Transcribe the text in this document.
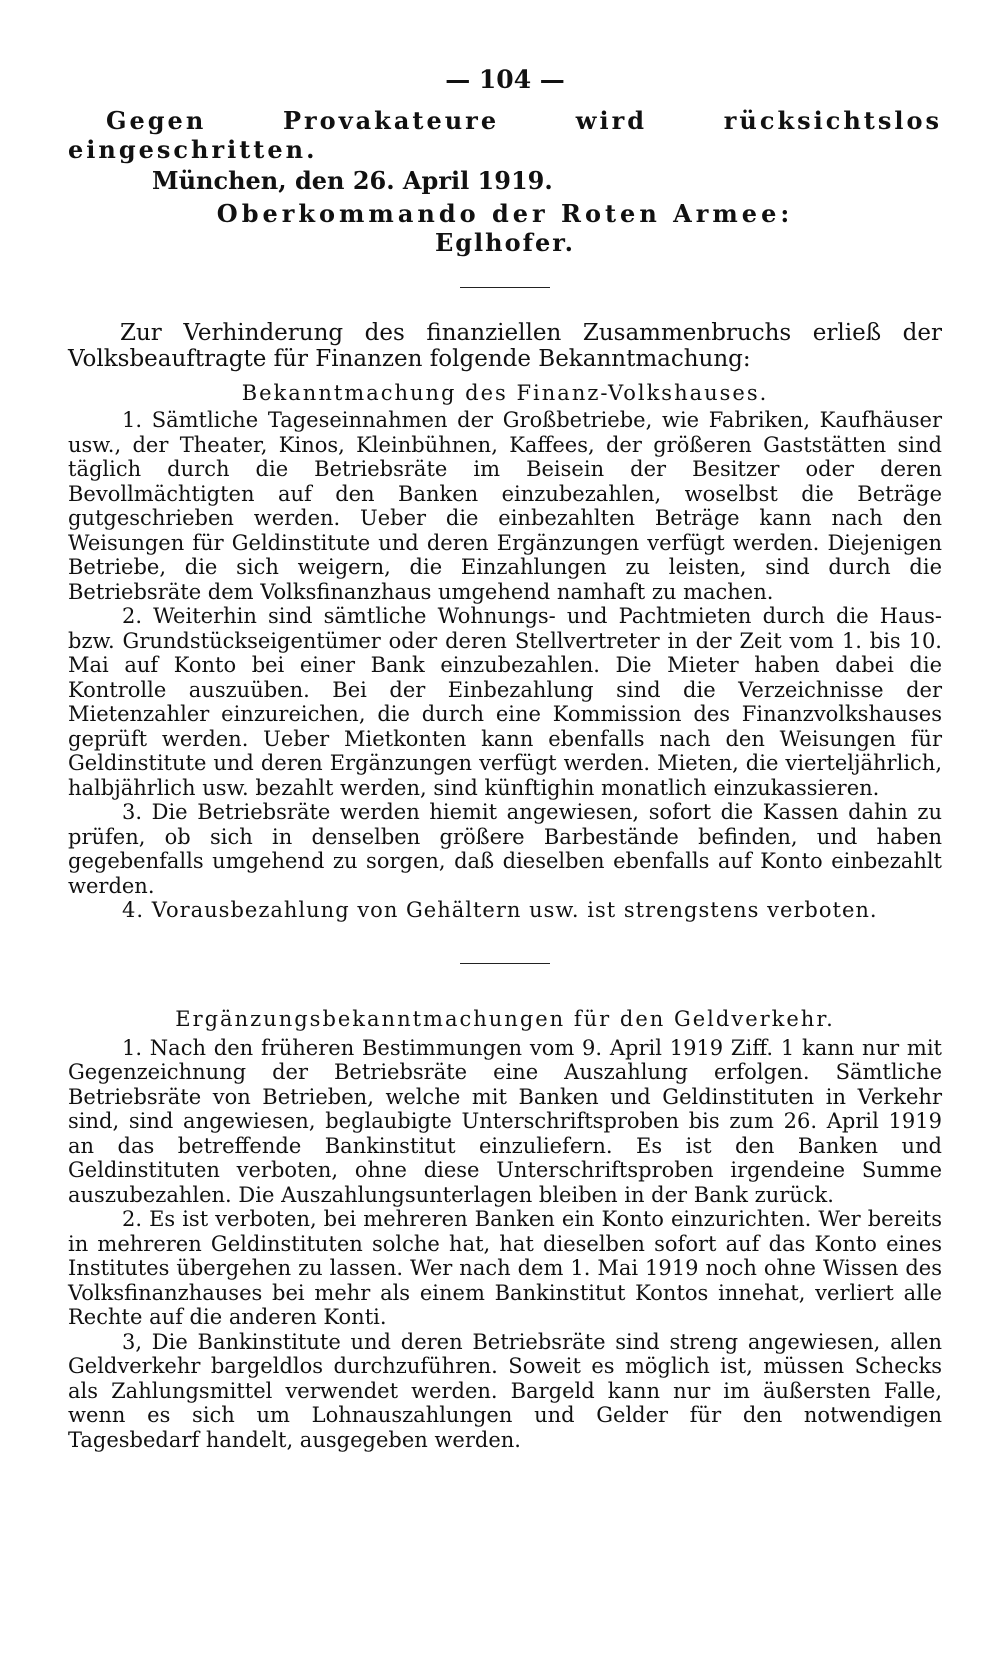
— 104 —

Gegen Provakateure wird rücksichtslos eingeschritten.

München, den 26. April 1919.

Oberkommando der Roten Armee:

Eglhofer.

Zur Verhinderung des finanziellen Zusammenbruchs erließ der Volksbeauftragte für Finanzen folgende Bekanntmachung:

Bekanntmachung des Finanz-Volkshauses.

1. Sämtliche Tageseinnahmen der Großbetriebe, wie Fabriken, Kaufhäuser usw., der Theater, Kinos, Kleinbühnen, Kaffees, der größeren Gaststätten sind täglich durch die Betriebsräte im Beisein der Besitzer oder deren Bevollmächtigten auf den Banken einzubezahlen, woselbst die Beträge gutgeschrieben werden. Ueber die einbezahlten Beträge kann nach den Weisungen für Geldinstitute und deren Ergänzungen verfügt werden. Diejenigen Betriebe, die sich weigern, die Einzahlungen zu leisten, sind durch die Betriebsräte dem Volksfinanzhaus umgehend namhaft zu machen.

2. Weiterhin sind sämtliche Wohnungs- und Pachtmieten durch die Haus- bzw. Grundstückseigentümer oder deren Stellvertreter in der Zeit vom 1. bis 10. Mai auf Konto bei einer Bank einzubezahlen. Die Mieter haben dabei die Kontrolle auszuüben. Bei der Einbezahlung sind die Verzeichnisse der Mietenzahler einzureichen, die durch eine Kommission des Finanzvolkshauses geprüft werden. Ueber Mietkonten kann ebenfalls nach den Weisungen für Geldinstitute und deren Ergänzungen verfügt werden. Mieten, die vierteljährlich, halbjährlich usw. bezahlt werden, sind künftighin monatlich einzukassieren.

3. Die Betriebsräte werden hiemit angewiesen, sofort die Kassen dahin zu prüfen, ob sich in denselben größere Barbestände befinden, und haben gegebenfalls umgehend zu sorgen, daß dieselben ebenfalls auf Konto einbezahlt werden.

4. Vorausbezahlung von Gehältern usw. ist strengstens verboten.

Ergänzungsbekanntmachungen für den Geldverkehr.

1. Nach den früheren Bestimmungen vom 9. April 1919 Ziff. 1 kann nur mit Gegenzeichnung der Betriebsräte eine Auszahlung erfolgen. Sämtliche Betriebsräte von Betrieben, welche mit Banken und Geldinstituten in Verkehr sind, sind angewiesen, beglaubigte Unterschriftsproben bis zum 26. April 1919 an das betreffende Bankinstitut einzuliefern. Es ist den Banken und Geldinstituten verboten, ohne diese Unterschriftsproben irgendeine Summe auszubezahlen. Die Auszahlungsunterlagen bleiben in der Bank zurück.

2. Es ist verboten, bei mehreren Banken ein Konto einzurichten. Wer bereits in mehreren Geldinstituten solche hat, hat dieselben sofort auf das Konto eines Institutes übergehen zu lassen. Wer nach dem 1. Mai 1919 noch ohne Wissen des Volksfinanzhauses bei mehr als einem Bankinstitut Kontos innehat, verliert alle Rechte auf die anderen Konti.

3, Die Bankinstitute und deren Betriebsräte sind streng angewiesen, allen Geldverkehr bargeldlos durchzuführen. Soweit es möglich ist, müssen Schecks als Zahlungsmittel verwendet werden. Bargeld kann nur im äußersten Falle, wenn es sich um Lohnauszahlungen und Gelder für den notwendigen Tagesbedarf handelt, ausgegeben werden.
